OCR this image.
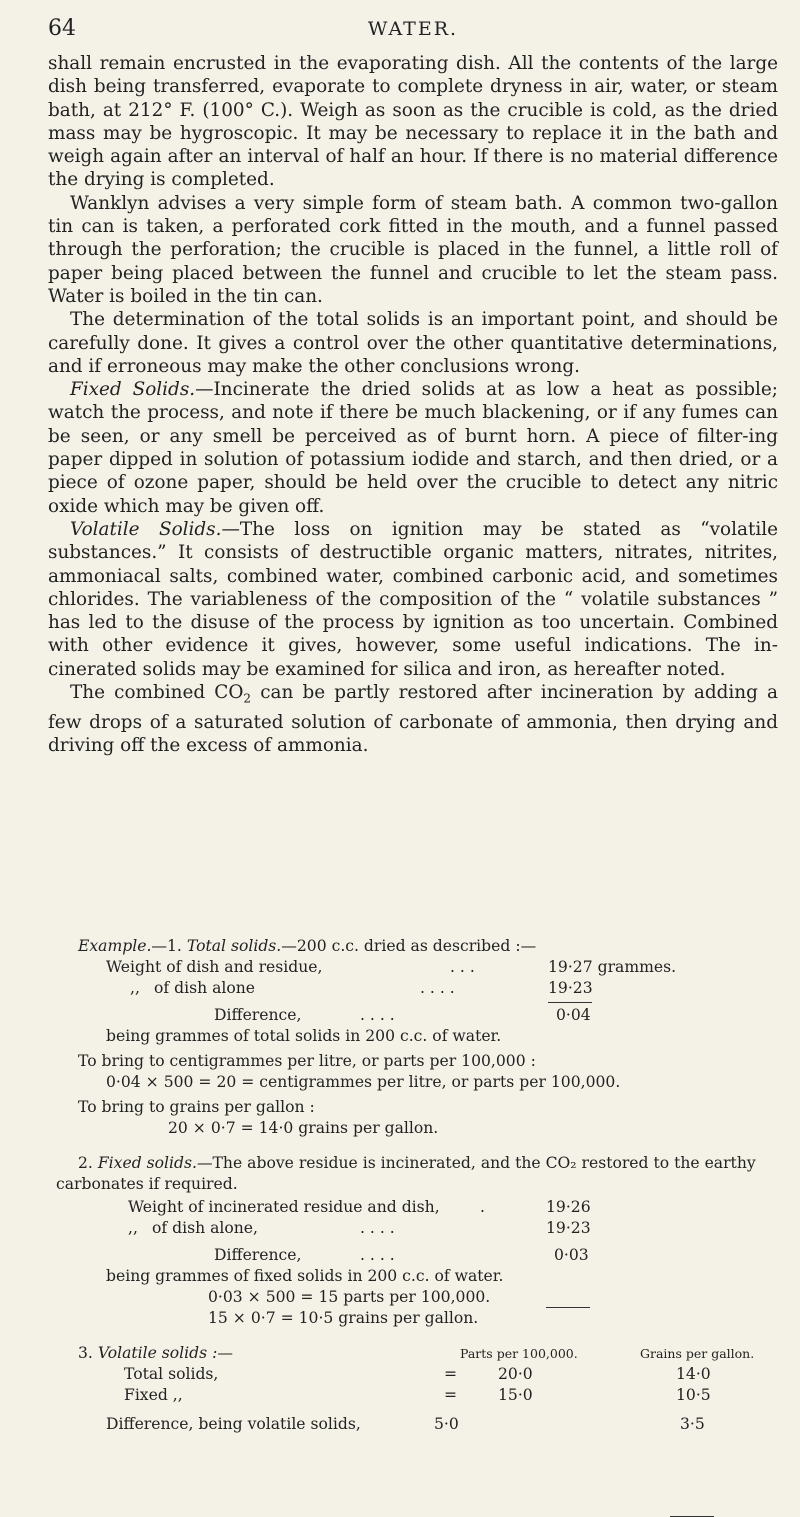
64	WATER.

shall remain encrusted in the evaporating dish. All the contents of the large dish being transferred, evaporate to complete dryness in air, water, or steam bath, at 212° F. (100° C.). Weigh as soon as the crucible is cold, as the dried mass may be hygroscopic. It may be necessary to replace it in the bath and weigh again after an interval of half an hour. If there is no material difference the drying is completed.

Wanklyn advises a very simple form of steam bath. A common two-gallon tin can is taken, a perforated cork fitted in the mouth, and a funnel passed through the perforation; the crucible is placed in the funnel, a little roll of paper being placed between the funnel and crucible to let the steam pass. Water is boiled in the tin can.

The determination of the total solids is an important point, and should be carefully done. It gives a control over the other quantitative determinations, and if erroneous may make the other conclusions wrong.

Fixed Solids.—Incinerate the dried solids at as low a heat as possible; watch the process, and note if there be much blackening, or if any fumes can be seen, or any smell be perceived as of burnt horn. A piece of filter-ing paper dipped in solution of potassium iodide and starch, and then dried, or a piece of ozone paper, should be held over the crucible to detect any nitric oxide which may be given off.

Volatile Solids.—The loss on ignition may be stated as “volatile substances.” It consists of destructible organic matters, nitrates, nitrites, ammoniacal salts, combined water, combined carbonic acid, and sometimes chlorides. The variableness of the composition of the “ volatile substances ” has led to the disuse of the process by ignition as too uncertain. Combined with other evidence it gives, however, some useful indications. The in-cinerated solids may be examined for silica and iron, as hereafter noted.

The combined $CO_2$ can be partly restored after incineration by adding a few drops of a saturated solution of carbonate of ammonia, then drying and driving off the excess of ammonia.

Example.—1. Total solids.—200 c.c. dried as described :—
Weight of dish and residue,	. . .	19·27 grammes.
,, of dish alone	. . . .	19·23
Difference,	. . . .	0·04
being grammes of total solids in 200 c.c. of water.
To bring to centigrammes per litre, or parts per 100,000 :
0·04 × 500 = 20 = centigrammes per litre, or parts per 100,000.
To bring to grains per gallon :
20 × 0·7 = 14·0 grains per gallon.
2. Fixed solids.—The above residue is incinerated, and the CO₂ restored to the earthy
carbonates if required.
Weight of incinerated residue and dish,	.	19·26
,, of dish alone,	. . . .	19·23
Difference,	. . . .	0·03
being grammes of fixed solids in 200 c.c. of water.
0·03 × 500 = 15 parts per 100,000.
15 × 0·7 = 10·5 grains per gallon.
3. Volatile solids :—	Parts per 100,000.	Grains per gallon.
Total solids,	=	20·0	14·0
Fixed ,,	=	15·0	10·5
Difference, being volatile solids,	5·0	3·5
